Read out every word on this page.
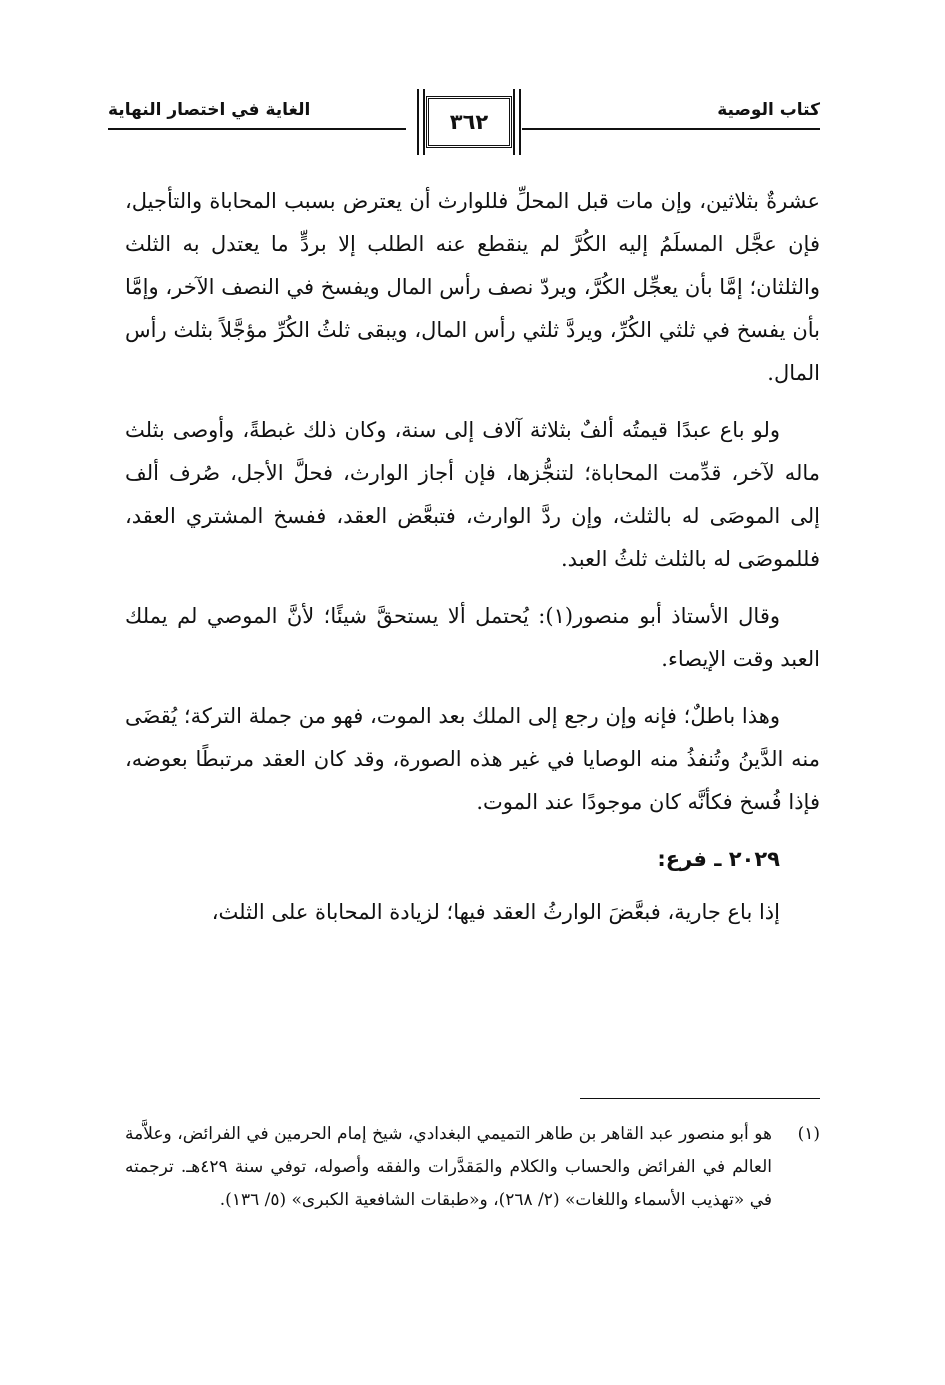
كتاب الوصية
٣٦٢
الغاية في اختصار النهاية

عشرةٌ بثلاثين، وإن مات قبل المحلِّ فللوارث أن يعترض بسبب المحاباة والتأجيل، فإن عجَّل المسلَمُ إليه الكُرَّ لم ينقطع عنه الطلب إلا بردٍّ ما يعتدل به الثلث والثلثان؛ إمَّا بأن يعجِّل الكُرَّ، ويردّ نصف رأس المال ويفسخ في النصف الآخر، وإمَّا بأن يفسخ في ثلثي الكُرِّ، ويردَّ ثلثي رأس المال، ويبقى ثلثُ الكُرِّ مؤجَّلاً بثلث رأس المال.

ولو باع عبدًا قيمتُه ألفٌ بثلاثة آلاف إلى سنة، وكان ذلك غبطةً، وأوصى بثلث ماله لآخر، قدِّمت المحاباة؛ لتنجُّزها، فإن أجاز الوارث، فحلَّ الأجل، صُرف ألف إلى الموصَى له بالثلث، وإن ردَّ الوارث، فتبعَّض العقد، ففسخ المشتري العقد، فللموصَى له بالثلث ثلثُ العبد.

وقال الأستاذ أبو منصور(١): يُحتمل ألا يستحقَّ شيئًا؛ لأنَّ الموصي لم يملك العبد وقت الإيصاء.

وهذا باطلٌ؛ فإنه وإن رجع إلى الملك بعد الموت، فهو من جملة التركة؛ يُقضَى منه الدَّينُ وتُنفذُ منه الوصايا في غير هذه الصورة، وقد كان العقد مرتبطًا بعوضه، فإذا فُسخ فكأنَّه كان موجودًا عند الموت.

٢٠٢٩ ـ فرع:

إذا باع جارية، فبعَّضَ الوارثُ العقد فيها؛ لزيادة المحاباة على الثلث،

(١)
هو أبو منصور عبد القاهر بن طاهر التميمي البغدادي، شيخ إمام الحرمين في الفرائض، وعلاَّمة العالم في الفرائض والحساب والكلام والمَقدَّرات والفقه وأصوله، توفي سنة ٤٢٩هـ. ترجمته في «تهذيب الأسماء واللغات» (٢/ ٢٦٨)، و«طبقات الشافعية الكبرى» (٥/ ١٣٦).
